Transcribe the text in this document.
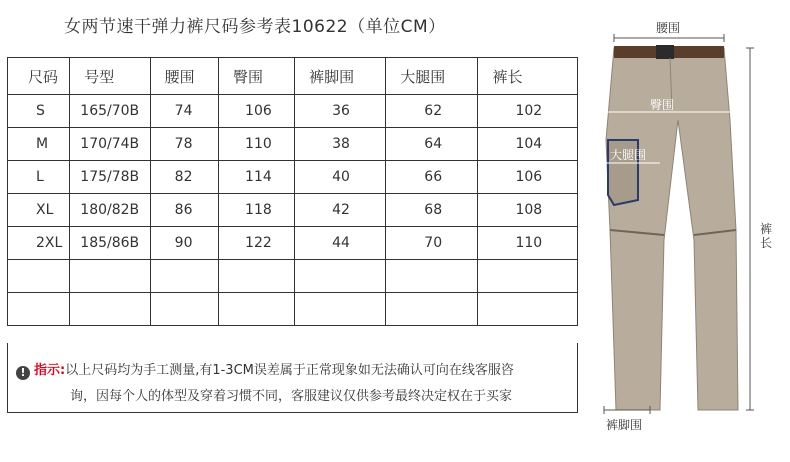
女两节速干弹力裤尺码参考表10622（单位CM）
尺码	号型	腰围	臀围	裤脚围	大腿围	裤长
S	165/70B	74	106	36	62	102
M	170/74B	78	110	38	64	104
L	175/78B	82	114	40	66	106
XL	180/82B	86	118	42	68	108
2XL	185/86B	90	122	44	70	110

! 指示:以上尺码均为手工测量,有1-3CM误差属于正常现象如无法确认可向在线客服咨
询，因每个人的体型及穿着习惯不同，客服建议仅供参考最终决定权在于买家
腰围
臀围
大腿围
裤长
裤脚围
